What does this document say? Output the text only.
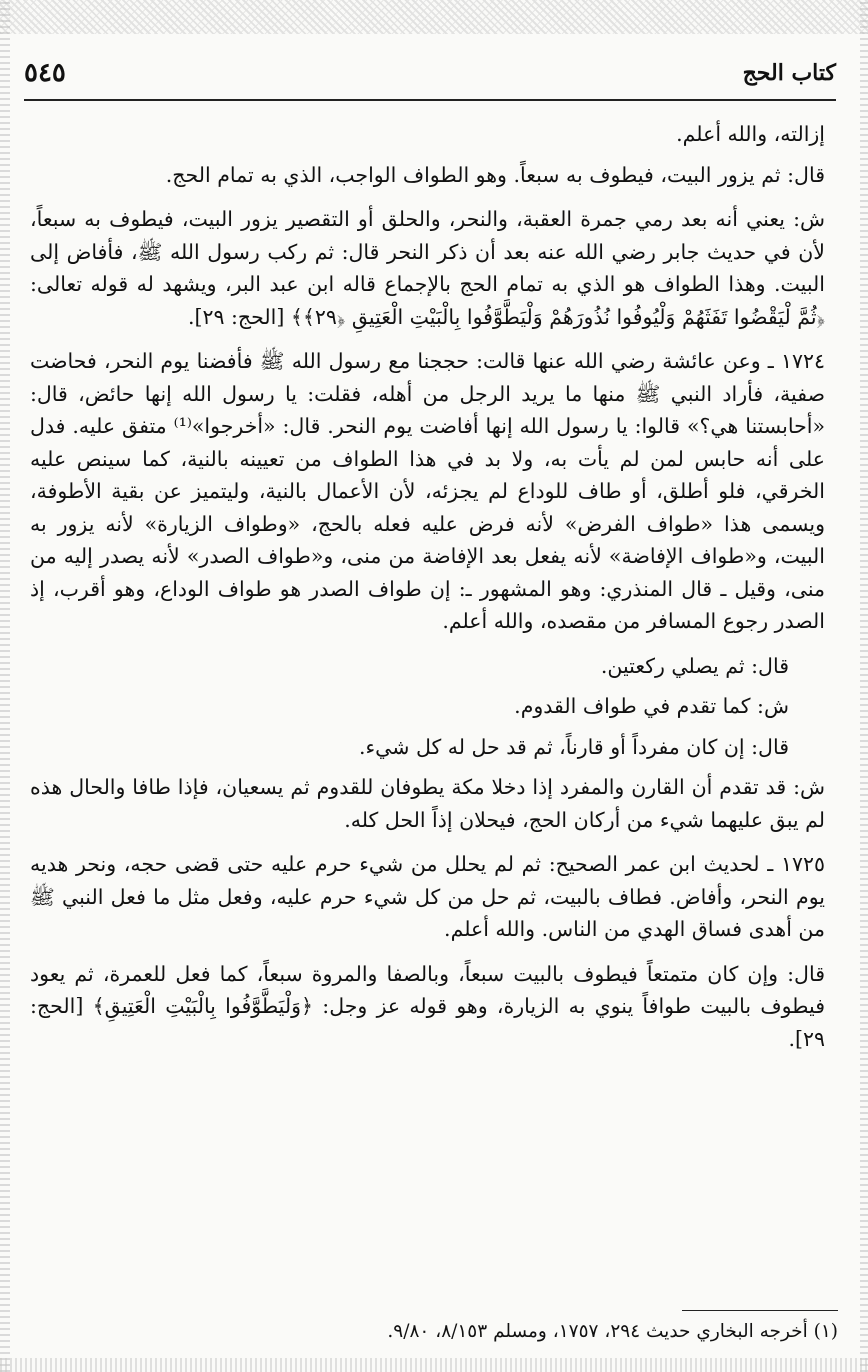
كتاب الحج
٥٤٥

إزالته، والله أعلم.

قال: ثم يزور البيت، فيطوف به سبعاً. وهو الطواف الواجب، الذي به تمام الحج.

ش: يعني أنه بعد رمي جمرة العقبة، والنحر، والحلق أو التقصير يزور البيت، فيطوف به سبعاً، لأن في حديث جابر رضي الله عنه بعد أن ذكر النحر قال: ثم ركب رسول الله ﷺ، فأفاض إلى البيت. وهذا الطواف هو الذي به تمام الحج بالإجماع قاله ابن عبد البر، ويشهد له قوله تعالى: ﴿ثُمَّ لْيَقْضُوا تَفَثَهُمْ وَلْيُوفُوا نُذُورَهُمْ وَلْيَطَّوَّفُوا بِالْبَيْتِ الْعَتِيقِ ﴿٢٩﴾﴾ [الحج: ٢٩].

١٧٢٤ ـ وعن عائشة رضي الله عنها قالت: حججنا مع رسول الله ﷺ فأفضنا يوم النحر، فحاضت صفية، فأراد النبي ﷺ منها ما يريد الرجل من أهله، فقلت: يا رسول الله إنها حائض، قال: «أحابستنا هي؟» قالوا: يا رسول الله إنها أفاضت يوم النحر. قال: «أخرجوا»⁽¹⁾ متفق عليه. فدل على أنه حابس لمن لم يأت به، ولا بد في هذا الطواف من تعيينه بالنية، كما سينص عليه الخرقي، فلو أطلق، أو طاف للوداع لم يجزئه، لأن الأعمال بالنية، وليتميز عن بقية الأطوفة، ويسمى هذا «طواف الفرض» لأنه فرض عليه فعله بالحج، «وطواف الزيارة» لأنه يزور به البيت، و«طواف الإفاضة» لأنه يفعل بعد الإفاضة من منى، و«طواف الصدر» لأنه يصدر إليه من منى، وقيل ـ قال المنذري: وهو المشهور ـ: إن طواف الصدر هو طواف الوداع، وهو أقرب، إذ الصدر رجوع المسافر من مقصده، والله أعلم.

قال: ثم يصلي ركعتين.

ش: كما تقدم في طواف القدوم.

قال: إن كان مفرداً أو قارناً، ثم قد حل له كل شيء.

ش: قد تقدم أن القارن والمفرد إذا دخلا مكة يطوفان للقدوم ثم يسعيان، فإذا طافا والحال هذه لم يبق عليهما شيء من أركان الحج، فيحلان إذاً الحل كله.

١٧٢٥ ـ لحديث ابن عمر الصحيح: ثم لم يحلل من شيء حرم عليه حتى قضى حجه، ونحر هديه يوم النحر، وأفاض. فطاف بالبيت، ثم حل من كل شيء حرم عليه، وفعل مثل ما فعل النبي ﷺ من أهدى فساق الهدي من الناس. والله أعلم.

قال: وإن كان متمتعاً فيطوف بالبيت سبعاً، وبالصفا والمروة سبعاً، كما فعل للعمرة، ثم يعود فيطوف بالبيت طوافاً ينوي به الزيارة، وهو قوله عز وجل: ﴿وَلْيَطَّوَّفُوا بِالْبَيْتِ الْعَتِيقِ﴾ [الحج: ٢٩].

(١) أخرجه البخاري حديث ٢٩٤، ١٧٥٧، ومسلم ٨/١٥٣، ٩/٨٠.
